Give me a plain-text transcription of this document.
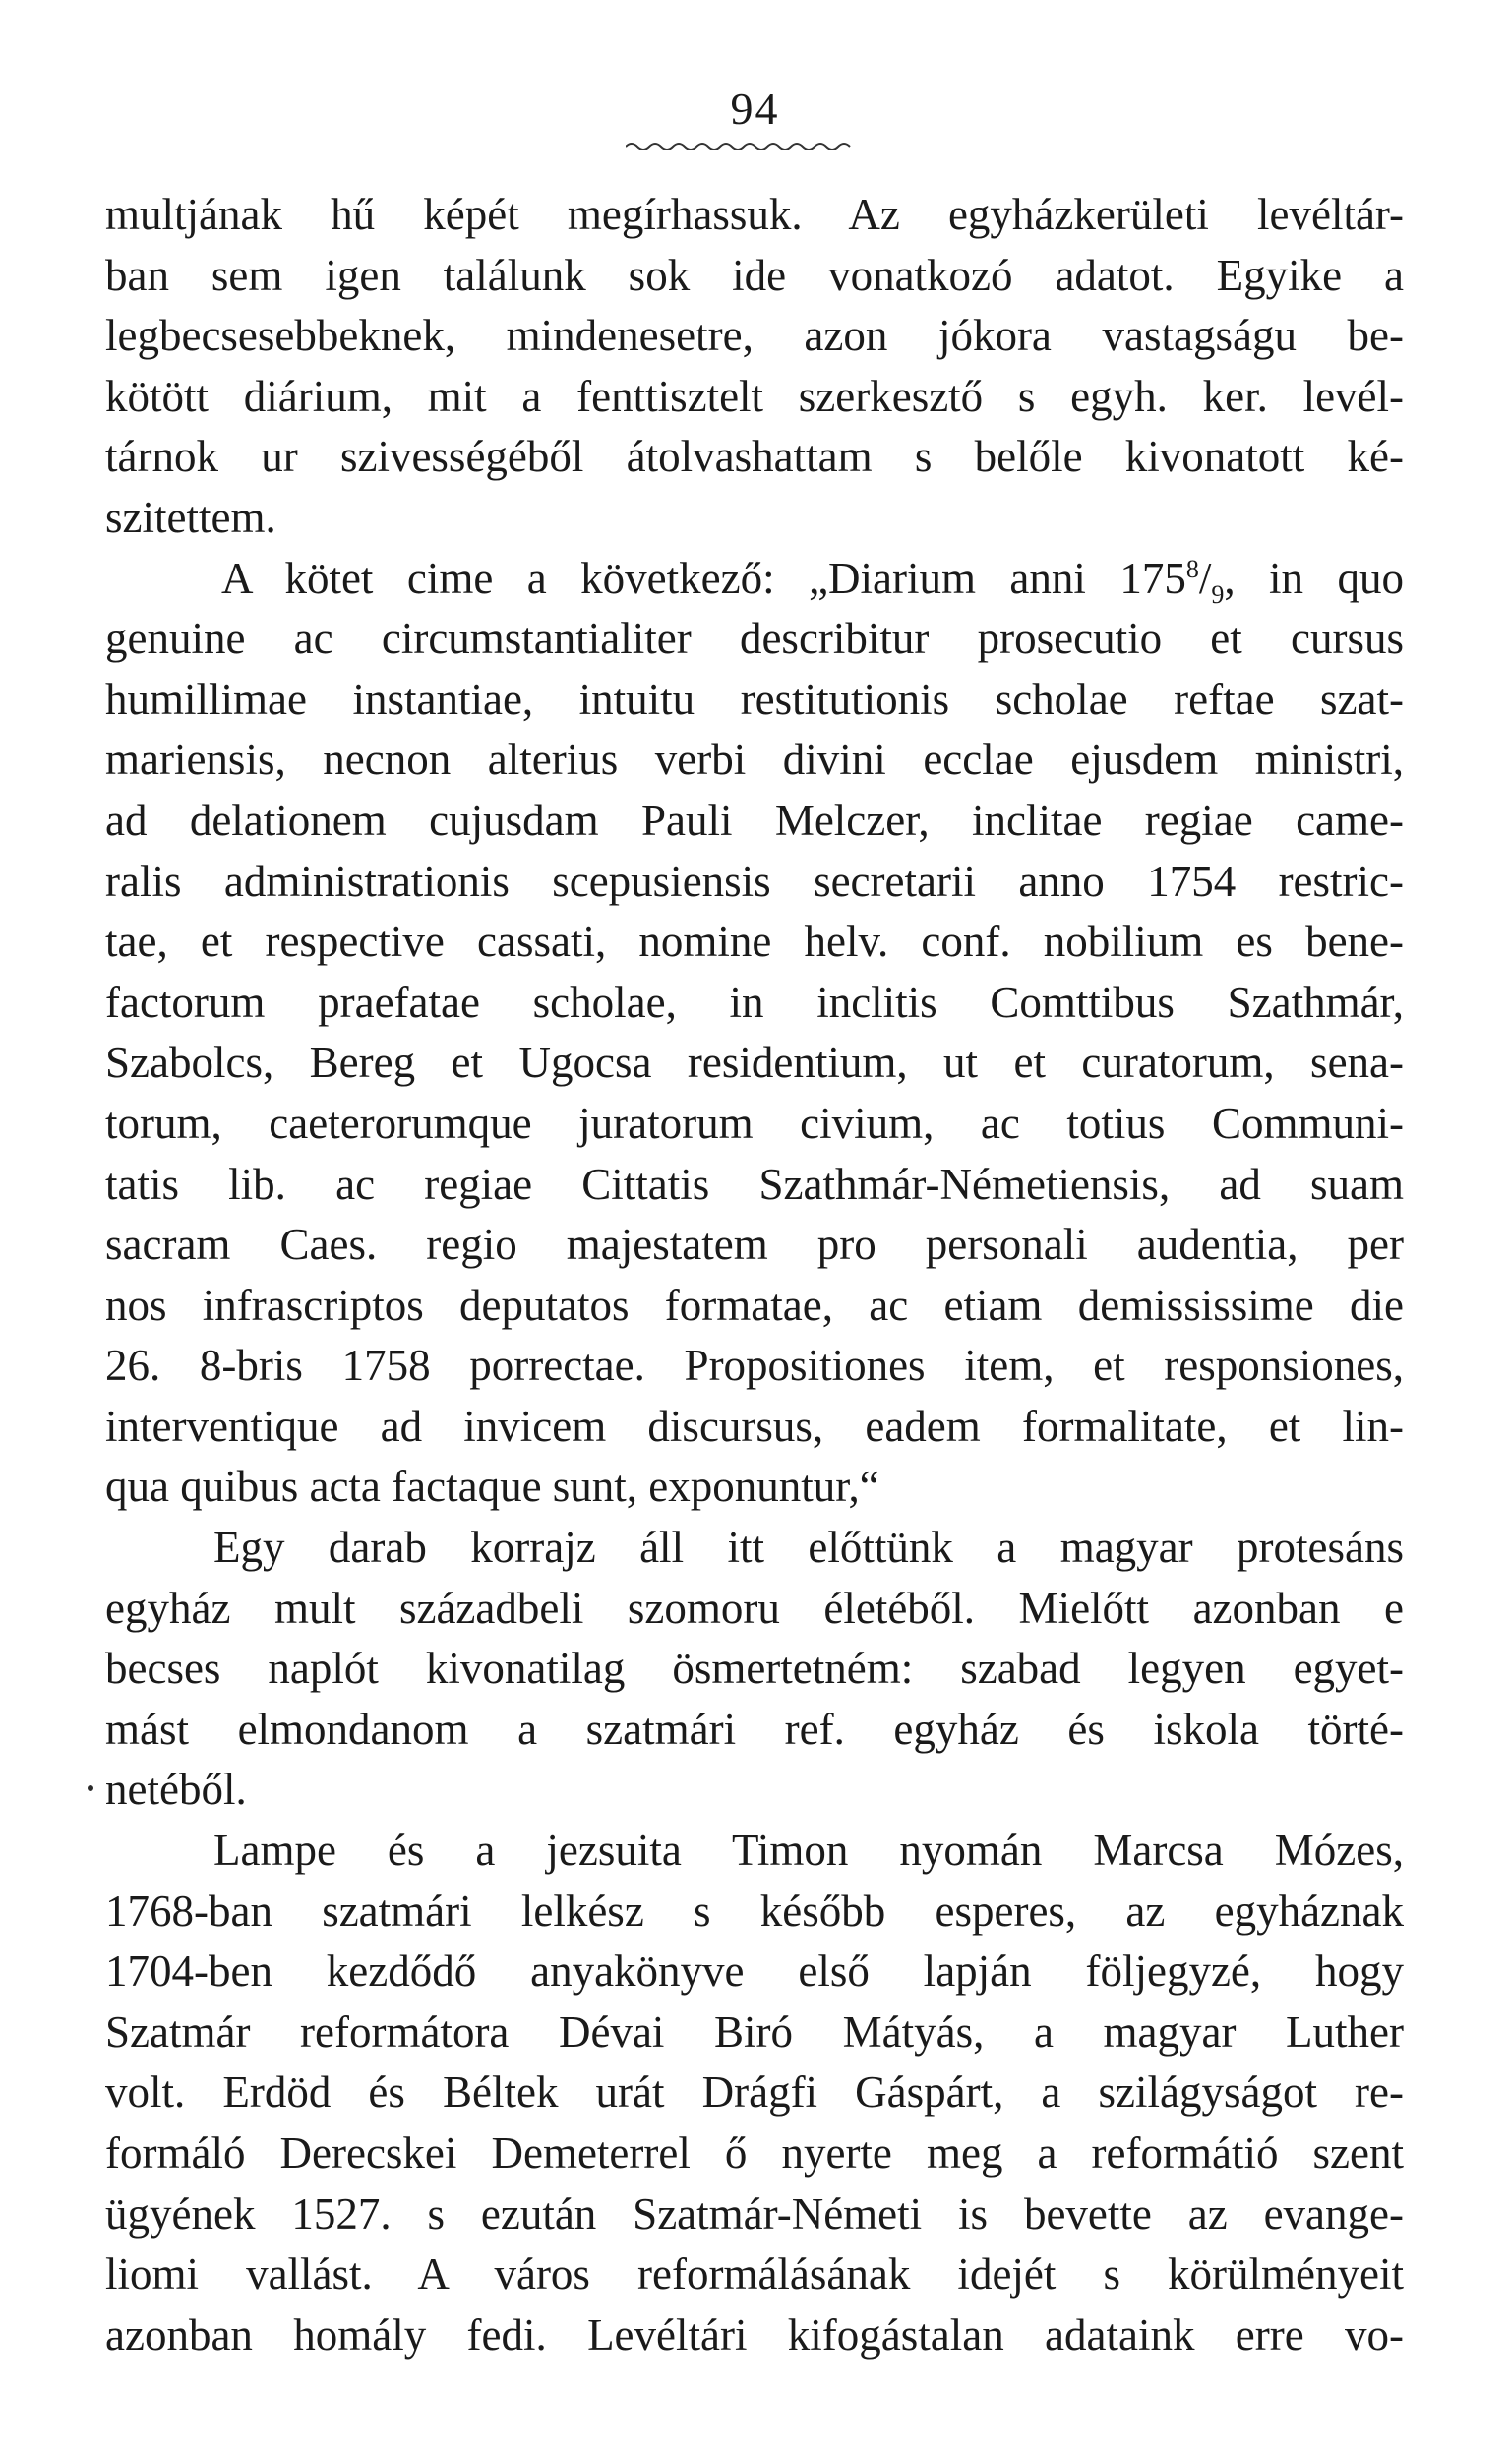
94
multjának hű képét megírhassuk. Az egyházkerületi levéltár-
ban sem igen találunk sok ide vonatkozó adatot. Egyike a
legbecsesebbeknek, mindenesetre, azon jókora vastagságu be-
kötött diárium, mit a fenttisztelt szerkesztő s egyh. ker. levél-
tárnok ur szivességéből átolvashattam s belőle kivonatott ké-
szitettem.
A kötet cime a következő: „Diarium anni $175^8/_9$, in quo
genuine ac circumstantialiter describitur prosecutio et cursus
humillimae instantiae, intuitu restitutionis scholae reftae szat-
mariensis, necnon alterius verbi divini ecclae ejusdem ministri,
ad delationem cujusdam Pauli Melczer, inclitae regiae came-
ralis administrationis scepusiensis secretarii anno 1754 restric-
tae, et respective cassati, nomine helv. conf. nobilium es bene-
factorum praefatae scholae, in inclitis Comttibus Szathmár,
Szabolcs, Bereg et Ugocsa residentium, ut et curatorum, sena-
torum, caeterorumque juratorum civium, ac totius Communi-
tatis lib. ac regiae Cittatis Szathmár-Németiensis, ad suam
sacram Caes. regio majestatem pro personali audentia, per
nos infrascriptos deputatos formatae, ac etiam demississime die
26. 8-bris 1758 porrectae. Propositiones item, et responsiones,
interventique ad invicem discursus, eadem formalitate, et lin-
qua quibus acta factaque sunt, exponuntur,“
Egy darab korrajz áll itt előttünk a magyar protesáns
egyház mult századbeli szomoru életéből. Mielőtt azonban e
becses naplót kivonatilag ösmertetném: szabad legyen egyet-
mást elmondanom a szatmári ref. egyház és iskola törté-
netéből.
Lampe és a jezsuita Timon nyomán Marcsa Mózes,
1768-ban szatmári lelkész s később esperes, az egyháznak
1704-ben kezdődő anyakönyve első lapján följegyzé, hogy
Szatmár reformátora Dévai Biró Mátyás, a magyar Luther
volt. Erdöd és Béltek urát Drágfi Gáspárt, a szilágyságot re-
formáló Derecskei Demeterrel ő nyerte meg a reformátió szent
ügyének 1527. s ezután Szatmár-Németi is bevette az evange-
liomi vallást. A város reformálásának idejét s körülményeit
azonban homály fedi. Levéltári kifogástalan adataink erre vo-
